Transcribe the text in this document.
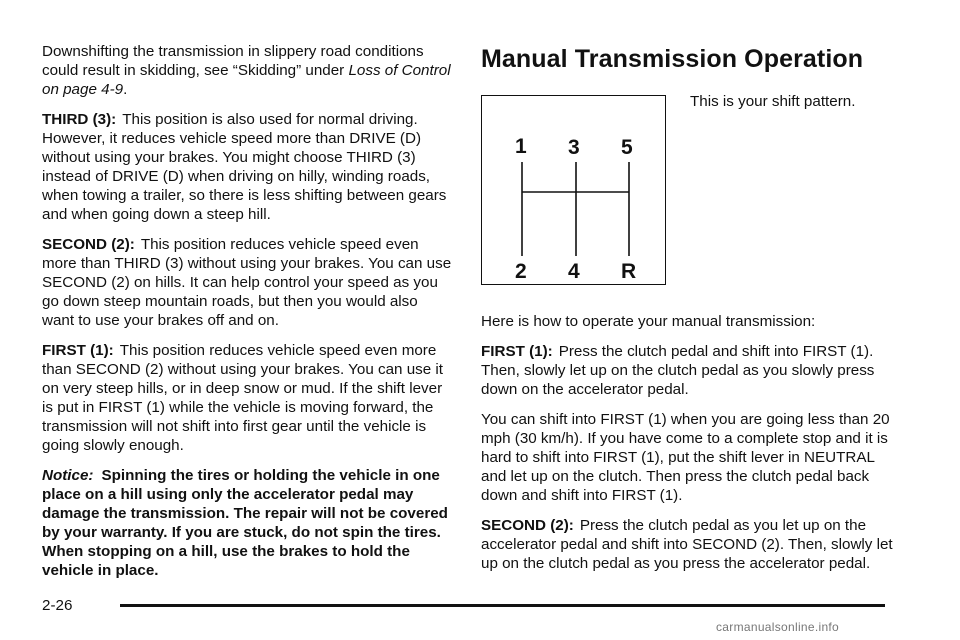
Downshifting the transmission in slippery road conditions could result in skidding, see “Skidding” under Loss of Control on page 4-9.

THIRD (3): This position is also used for normal driving. However, it reduces vehicle speed more than DRIVE (D) without using your brakes. You might choose THIRD (3) instead of DRIVE (D) when driving on hilly, winding roads, when towing a trailer, so there is less shifting between gears and when going down a steep hill.

SECOND (2): This position reduces vehicle speed even more than THIRD (3) without using your brakes. You can use SECOND (2) on hills. It can help control your speed as you go down steep mountain roads, but then you would also want to use your brakes off and on.

FIRST (1): This position reduces vehicle speed even more than SECOND (2) without using your brakes. You can use it on very steep hills, or in deep snow or mud. If the shift lever is put in FIRST (1) while the vehicle is moving forward, the transmission will not shift into first gear until the vehicle is going slowly enough.

Notice: Spinning the tires or holding the vehicle in one place on a hill using only the accelerator pedal may damage the transmission. The repair will not be covered by your warranty. If you are stuck, do not spin the tires. When stopping on a hill, use the brakes to hold the vehicle in place.

Manual Transmission Operation
1 3 5
2 4 R
This is your shift pattern.

Here is how to operate your manual transmission:

FIRST (1): Press the clutch pedal and shift into FIRST (1). Then, slowly let up on the clutch pedal as you slowly press down on the accelerator pedal.

You can shift into FIRST (1) when you are going less than 20 mph (30 km/h). If you have come to a complete stop and it is hard to shift into FIRST (1), put the shift lever in NEUTRAL and let up on the clutch. Then press the clutch pedal back down and shift into FIRST (1).

SECOND (2): Press the clutch pedal as you let up on the accelerator pedal and shift into SECOND (2). Then, slowly let up on the clutch pedal as you press the accelerator pedal.

2-26
carmanualsonline.info
